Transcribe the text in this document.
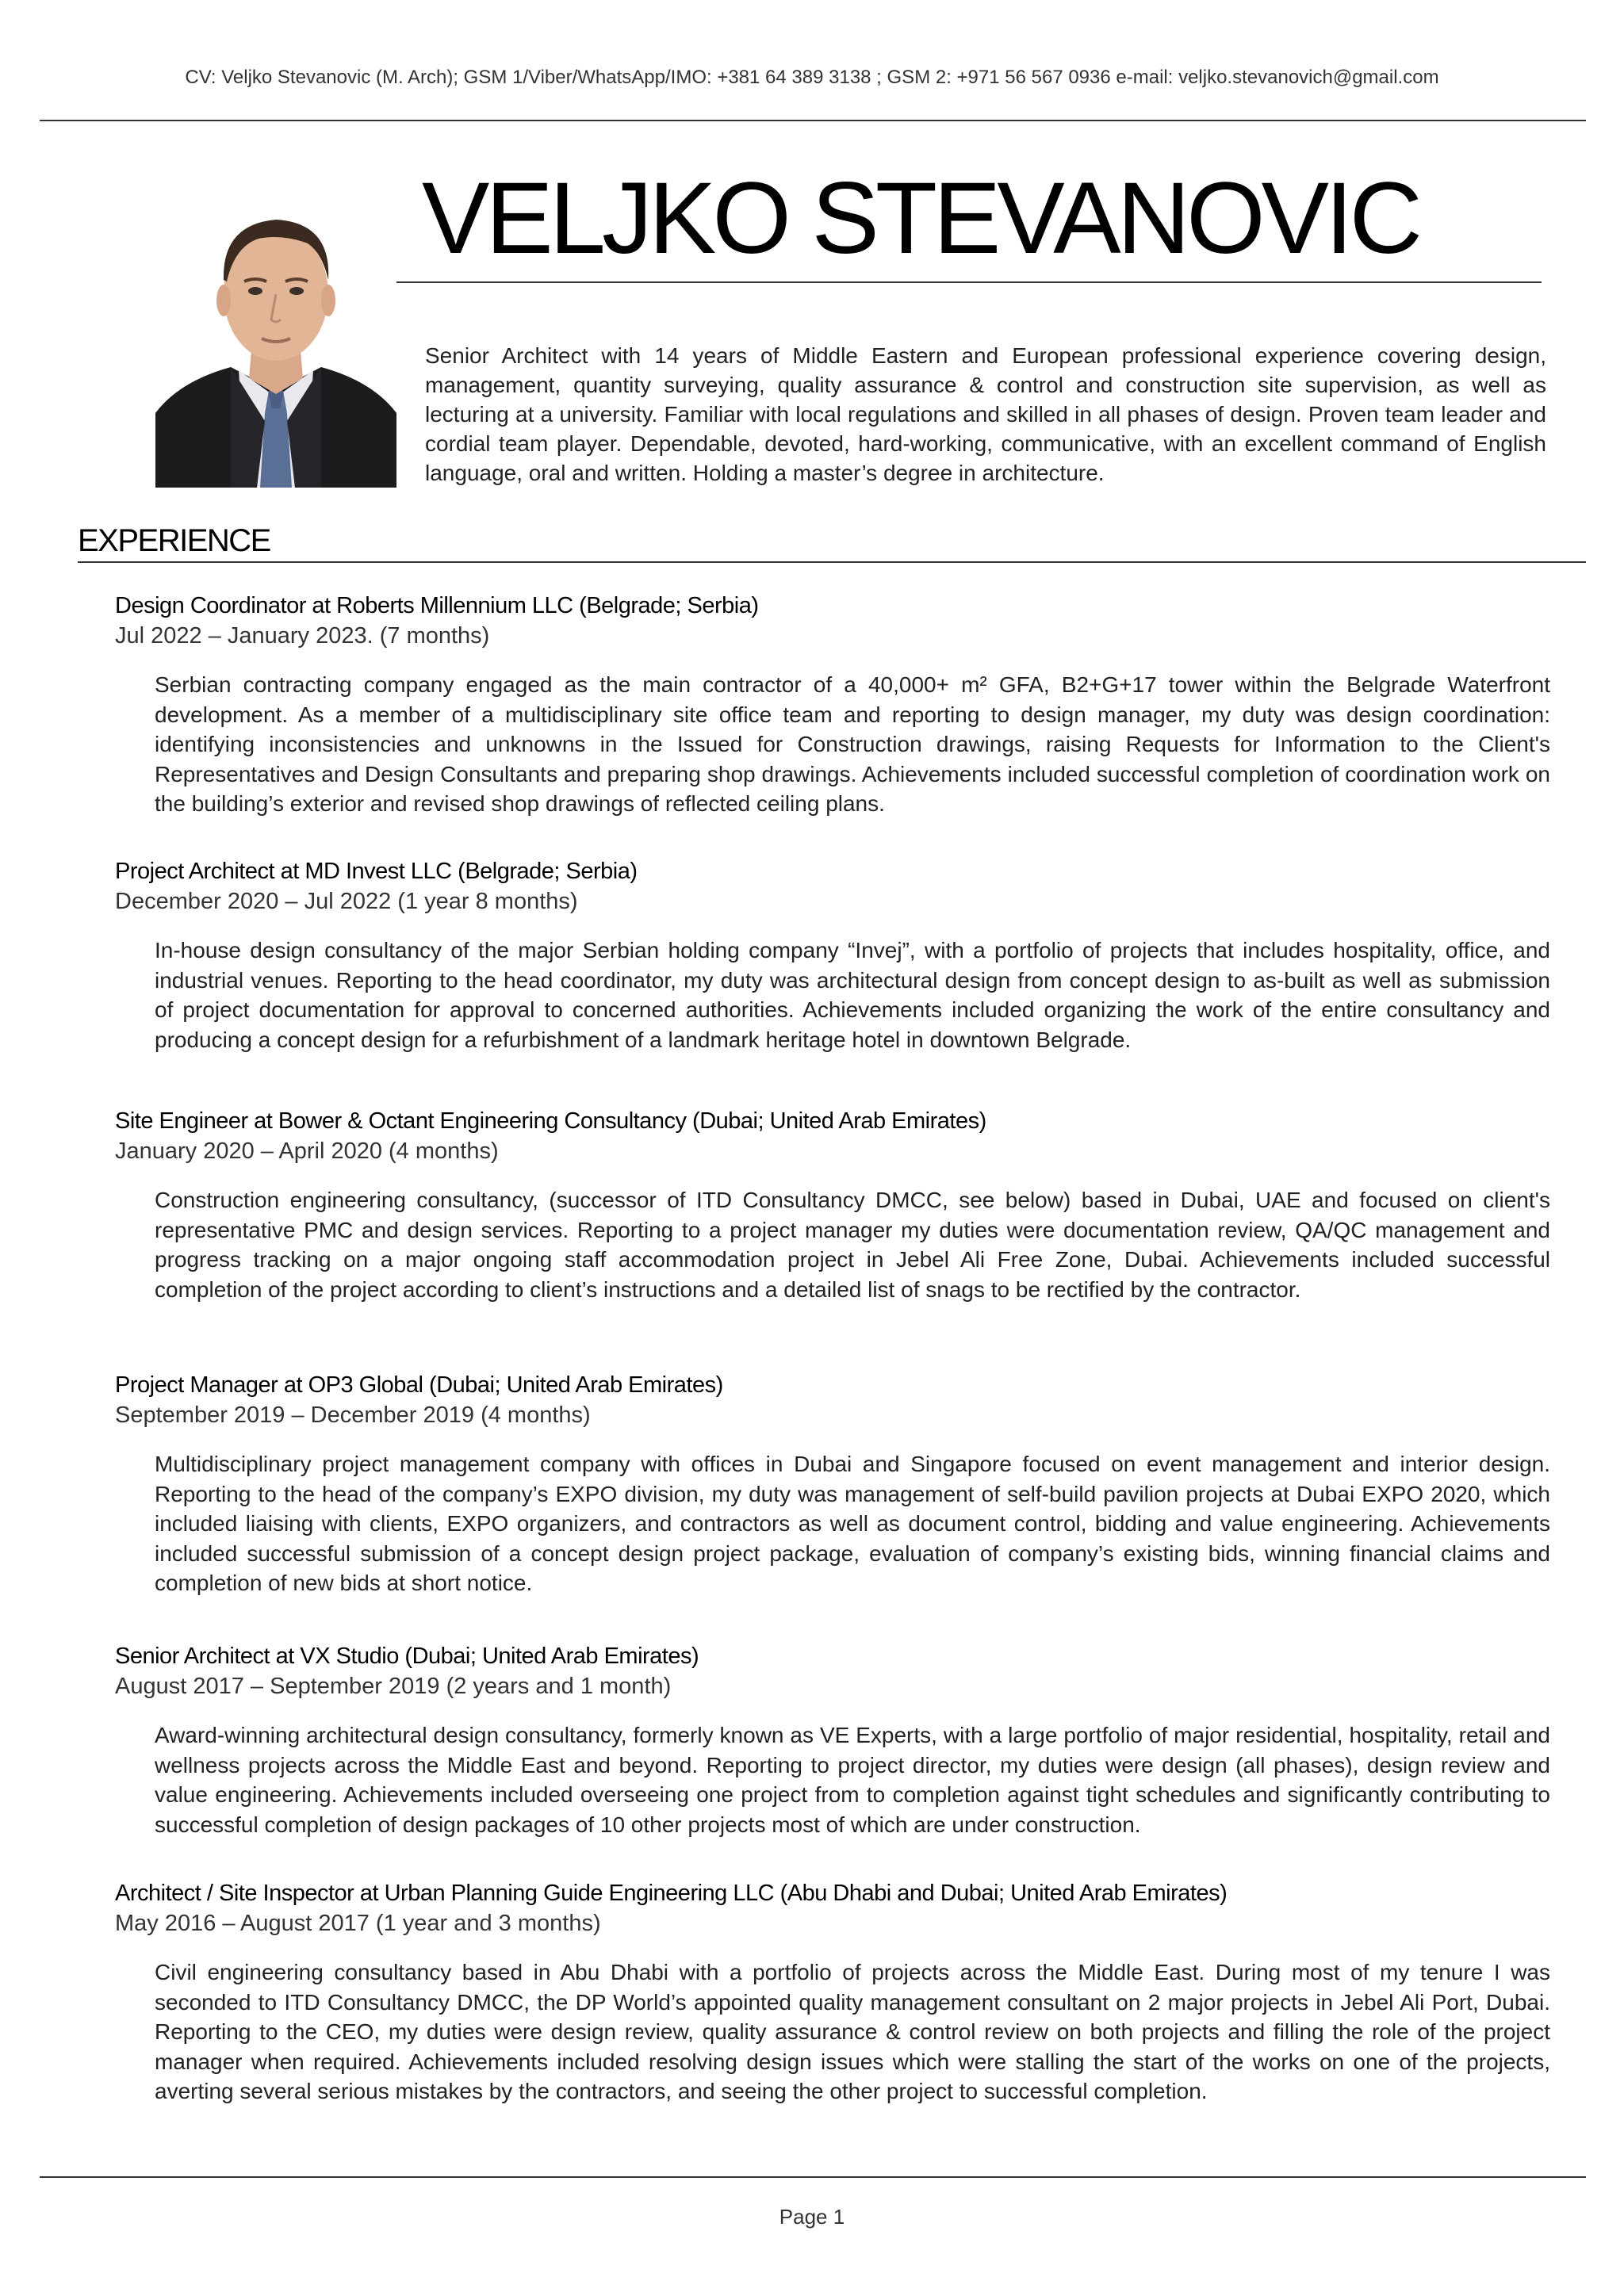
CV: Veljko Stevanovic (M. Arch); GSM 1/Viber/WhatsApp/IMO: +381 64 389 3138 ; GSM 2: +971 56 567 0936 e-mail: veljko.stevanovich@gmail.com
VELJKO STEVANOVIC
Senior Architect with 14 years of Middle Eastern and European professional experience covering design, management, quantity surveying, quality assurance & control and construction site supervision, as well as lecturing at a university. Familiar with local regulations and skilled in all phases of design. Proven team leader and cordial team player. Dependable, devoted, hard-working, communicative, with an excellent command of English language, oral and written. Holding a master’s degree in architecture.
EXPERIENCE
Design Coordinator at Roberts Millennium LLC (Belgrade; Serbia)
Jul 2022 – January 2023. (7 months)
Serbian contracting company engaged as the main contractor of a 40,000+ m² GFA, B2+G+17 tower within the Belgrade Waterfront development. As a member of a multidisciplinary site office team and reporting to design manager, my duty was design coordination: identifying inconsistencies and unknowns in the Issued for Construction drawings, raising Requests for Information to the Client's Representatives and Design Consultants and preparing shop drawings. Achievements included successful completion of coordination work on the building’s exterior and revised shop drawings of reflected ceiling plans.
Project Architect at MD Invest LLC (Belgrade; Serbia)
December 2020 – Jul 2022 (1 year 8 months)
In-house design consultancy of the major Serbian holding company “Invej”, with a portfolio of projects that includes hospitality, office, and industrial venues. Reporting to the head coordinator, my duty was architectural design from concept design to as-built as well as submission of project documentation for approval to concerned authorities. Achievements included organizing the work of the entire consultancy and producing a concept design for a refurbishment of a landmark heritage hotel in downtown Belgrade.
Site Engineer at Bower & Octant Engineering Consultancy (Dubai; United Arab Emirates)
January 2020 – April 2020 (4 months)
Construction engineering consultancy, (successor of ITD Consultancy DMCC, see below) based in Dubai, UAE and focused on client's representative PMC and design services. Reporting to a project manager my duties were documentation review, QA/QC management and progress tracking on a major ongoing staff accommodation project in Jebel Ali Free Zone, Dubai. Achievements included successful completion of the project according to client’s instructions and a detailed list of snags to be rectified by the contractor.
Project Manager at OP3 Global (Dubai; United Arab Emirates)
September 2019 – December 2019 (4 months)
Multidisciplinary project management company with offices in Dubai and Singapore focused on event management and interior design. Reporting to the head of the company’s EXPO division, my duty was management of self-build pavilion projects at Dubai EXPO 2020, which included liaising with clients, EXPO organizers, and contractors as well as document control, bidding and value engineering. Achievements included successful submission of a concept design project package, evaluation of company’s existing bids, winning financial claims and completion of new bids at short notice.
Senior Architect at VX Studio (Dubai; United Arab Emirates)
August 2017 – September 2019 (2 years and 1 month)
Award-winning architectural design consultancy, formerly known as VE Experts, with a large portfolio of major residential, hospitality, retail and wellness projects across the Middle East and beyond. Reporting to project director, my duties were design (all phases), design review and value engineering. Achievements included overseeing one project from to completion against tight schedules and significantly contributing to successful completion of design packages of 10 other projects most of which are under construction.
Architect / Site Inspector at Urban Planning Guide Engineering LLC (Abu Dhabi and Dubai; United Arab Emirates)
May 2016 – August 2017 (1 year and 3 months)
Civil engineering consultancy based in Abu Dhabi with a portfolio of projects across the Middle East. During most of my tenure I was seconded to ITD Consultancy DMCC, the DP World’s appointed quality management consultant on 2 major projects in Jebel Ali Port, Dubai. Reporting to the CEO, my duties were design review, quality assurance & control review on both projects and filling the role of the project manager when required. Achievements included resolving design issues which were stalling the start of the works on one of the projects, averting several serious mistakes by the contractors, and seeing the other project to successful completion.
Page 1
